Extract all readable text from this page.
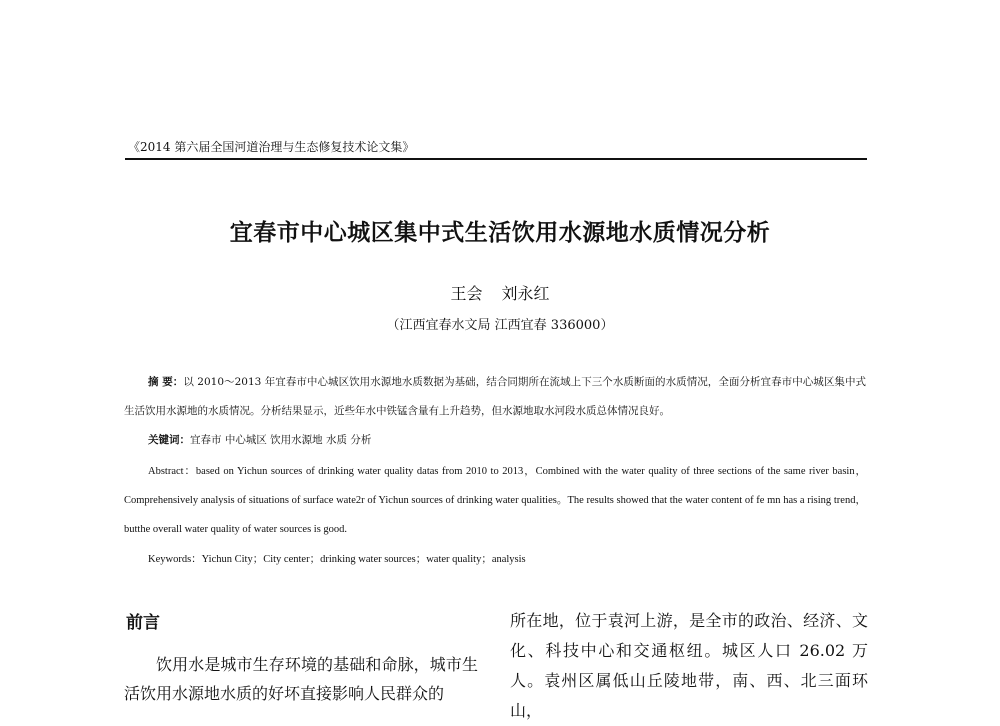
《2014 第六届全国河道治理与生态修复技术论文集》
宜春市中心城区集中式生活饮用水源地水质情况分析
王会 刘永红
（江西宜春水文局 江西宜春 336000）
摘 要：以 2010～2013 年宜春市中心城区饮用水源地水质数据为基础，结合同期所在流域上下三个水质断面的水质情况，全面分析宜春市中心城区集中式生活饮用水源地的水质情况。分析结果显示，近些年水中铁锰含量有上升趋势，但水源地取水河段水质总体情况良好。
关键词：宜春市 中心城区 饮用水源地 水质 分析
Abstract：based on Yichun sources of drinking water quality datas from 2010 to 2013，Combined with the water quality of three sections of the same river basin，Comprehensively analysis of situations of surface wate2r of Yichun sources of drinking water qualities。The results showed that the water content of fe mn has a rising trend，butthe overall water quality of water sources is good.
Keywords：Yichun City；City center；drinking water sources；water quality；analysis
前言
饮用水是城市生存环境的基础和命脉，城市生活饮用水源地水质的好坏直接影响人民群众的
所在地，位于袁河上游，是全市的政治、经济、文化、科技中心和交通枢纽。城区人口 26.02 万人。袁州区属低山丘陵地带，南、西、北三面环山，
